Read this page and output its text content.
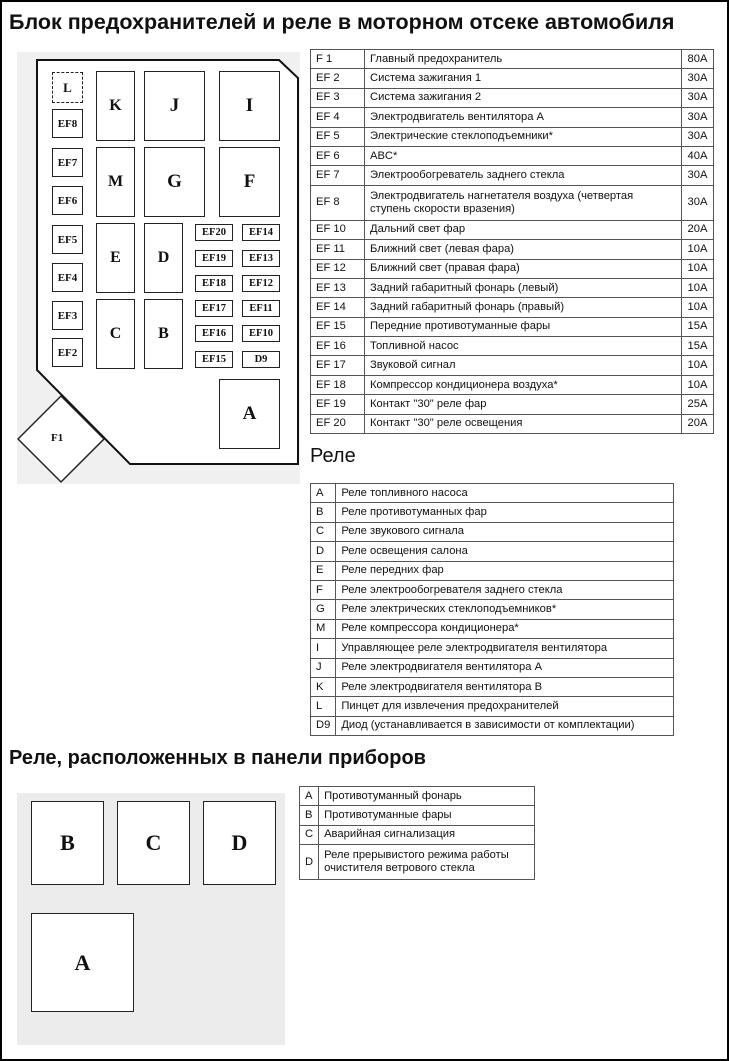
Блок предохранителей и реле в моторном отсеке автомобиля
F1
L
EF8
EF7
EF6
EF5
EF4
EF3
EF2
K	J	I
M	G	F
E	D
C	B
EF20	EF14
EF19	EF13
EF18	EF12
EF17	EF11
EF16	EF10
EF15	D9
A
F 1	Главный предохранитель	80A
EF 2	Система зажигания 1	30A
EF 3	Система зажигания 2	30A
EF 4	Электродвигатель вентилятора А	30A
EF 5	Электрические стеклоподъемники*	30A
EF 6	ABC*	40A
EF 7	Электрообогреватель заднего стекла	30A
EF 8	Электродвигатель нагнетателя воздуха (четвертая ступень скорости вразения)	30A
EF 10	Дальний свет фар	20A
EF 11	Ближний свет (левая фара)	10A
EF 12	Ближний свет (правая фара)	10A
EF 13	Задний габаритный фонарь (левый)	10A
EF 14	Задний габаритный фонарь (правый)	10A
EF 15	Передние противотуманные фары	15A
EF 16	Топливной насос	15A
EF 17	Звуковой сигнал	10A
EF 18	Компрессор кондиционера воздуха*	10A
EF 19	Контакт "30" реле фар	25A
EF 20	Контакт "30" реле освещения	20A
Реле
A	Реле топливного насоса
B	Реле противотуманных фар
C	Реле звукового сигнала
D	Реле освещения салона
E	Реле передних фар
F	Реле электрообогревателя заднего стекла
G	Реле электрических стеклоподъемников*
M	Реле компрессора кондиционера*
I	Управляющее реле электродвигателя вентилятора
J	Реле электродвигателя вентилятора А
K	Реле электродвигателя вентилятора В
L	Пинцет для извлечения предохранителей
D9	Диод (устанавливается в зависимости от комплектации)
Реле, расположенных в панели приборов
B	C	D
A
A	Противотуманный фонарь
B	Противотуманные фары
C	Аварийная сигнализация
D	Реле прерывистого режима работы очистителя ветрового стекла
